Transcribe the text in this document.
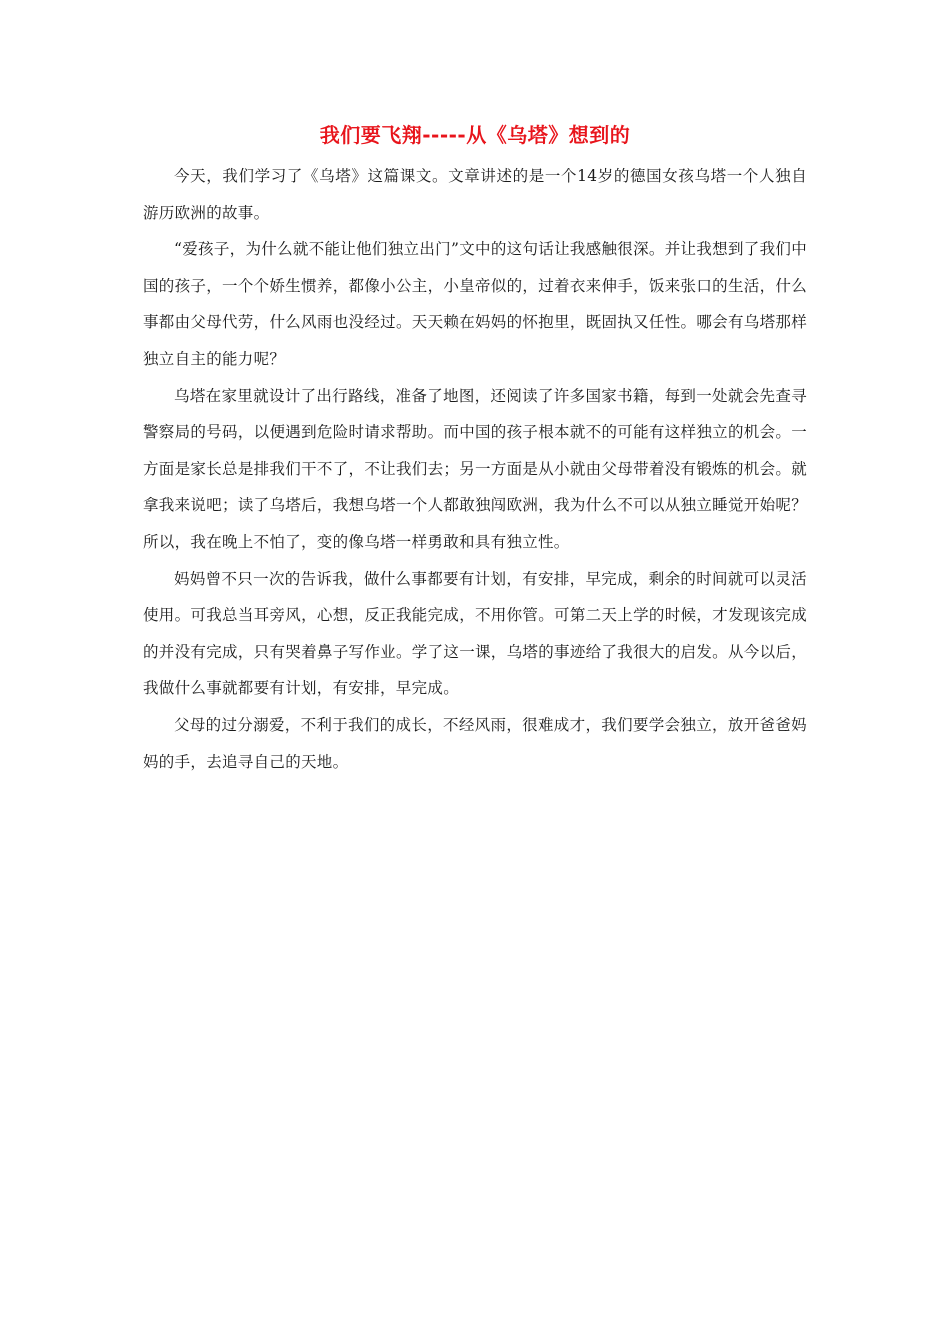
我们要飞翔-----从《乌塔》想到的

今天，我们学习了《乌塔》这篇课文。文章讲述的是一个14岁的德国女孩乌塔一个人独自游历欧洲的故事。

“爱孩子，为什么就不能让他们独立出门”文中的这句话让我感触很深。并让我想到了我们中国的孩子，一个个娇生惯养，都像小公主，小皇帝似的，过着衣来伸手，饭来张口的生活，什么事都由父母代劳，什么风雨也没经过。天天赖在妈妈的怀抱里，既固执又任性。哪会有乌塔那样独立自主的能力呢？

乌塔在家里就设计了出行路线，准备了地图，还阅读了许多国家书籍，每到一处就会先查寻警察局的号码，以便遇到危险时请求帮助。而中国的孩子根本就不的可能有这样独立的机会。一方面是家长总是排我们干不了，不让我们去；另一方面是从小就由父母带着没有锻炼的机会。就拿我来说吧；读了乌塔后，我想乌塔一个人都敢独闯欧洲，我为什么不可以从独立睡觉开始呢？所以，我在晚上不怕了，变的像乌塔一样勇敢和具有独立性。

妈妈曾不只一次的告诉我，做什么事都要有计划，有安排，早完成，剩余的时间就可以灵活使用。可我总当耳旁风，心想，反正我能完成，不用你管。可第二天上学的时候，才发现该完成的并没有完成，只有哭着鼻子写作业。学了这一课，乌塔的事迹给了我很大的启发。从今以后，我做什么事就都要有计划，有安排，早完成。

父母的过分溺爱，不利于我们的成长，不经风雨，很难成才，我们要学会独立，放开爸爸妈妈的手，去追寻自己的天地。
